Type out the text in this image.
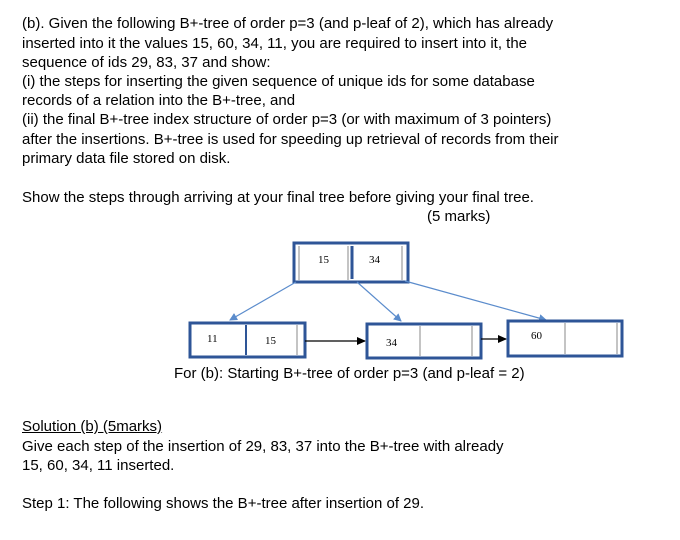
(b). Given the following B+-tree of order p=3 (and p-leaf of 2), which has already
inserted into it the values 15, 60, 34, 11, you are required to insert into it, the
sequence of ids 29, 83, 37 and show:
(i) the steps for inserting the given sequence of unique ids for some database
records of a relation into the B+-tree, and
(ii) the final B+-tree index structure of order p=3 (or with maximum of 3 pointers)
after the insertions. B+-tree is used for speeding up retrieval of records from their
primary data file stored on disk.
Show the steps through arriving at your final tree before giving your final tree.
(5 marks)
15	34
11	15	34
60
For (b): Starting B+-tree of order p=3 (and p-leaf = 2)
Solution (b) (5marks)
Give each step of the insertion of 29, 83, 37 into the B+-tree with already
15, 60, 34, 11 inserted.
Step 1: The following shows the B+-tree after insertion of 29.
